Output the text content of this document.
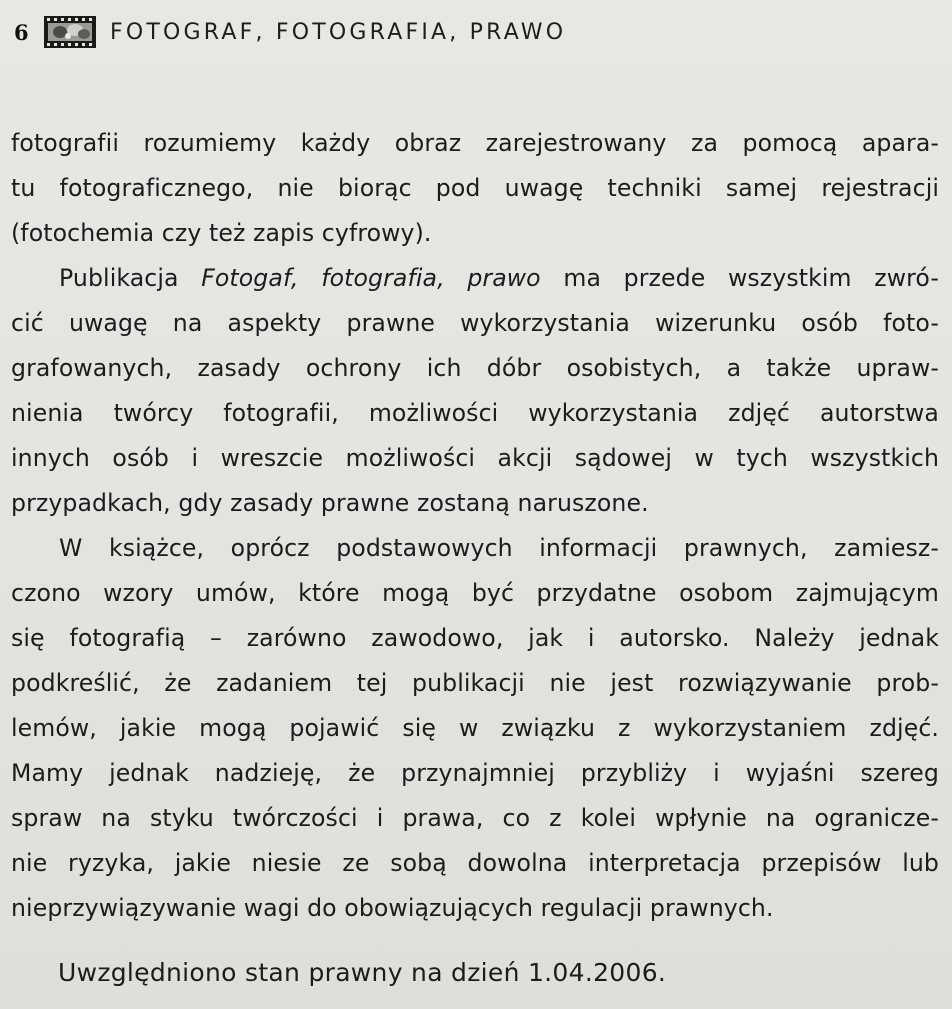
6	FOTOGRAF, FOTOGRAFIA, PRAWO
fotografii rozumiemy każdy obraz zarejestrowany za pomocą apara-
tu fotograficznego, nie biorąc pod uwagę techniki samej rejestracji
(fotochemia czy też zapis cyfrowy).
Publikacja Fotogaf, fotografia, prawo ma przede wszystkim zwró-
cić uwagę na aspekty prawne wykorzystania wizerunku osób foto-
grafowanych, zasady ochrony ich dóbr osobistych, a także upraw-
nienia twórcy fotografii, możliwości wykorzystania zdjęć autorstwa
innych osób i wreszcie możliwości akcji sądowej w tych wszystkich
przypadkach, gdy zasady prawne zostaną naruszone.
W książce, oprócz podstawowych informacji prawnych, zamiesz-
czono wzory umów, które mogą być przydatne osobom zajmującym
się fotografią – zarówno zawodowo, jak i autorsko. Należy jednak
podkreślić, że zadaniem tej publikacji nie jest rozwiązywanie prob-
lemów, jakie mogą pojawić się w związku z wykorzystaniem zdjęć.
Mamy jednak nadzieję, że przynajmniej przybliży i wyjaśni szereg
spraw na styku twórczości i prawa, co z kolei wpłynie na ogranicze-
nie ryzyka, jakie niesie ze sobą dowolna interpretacja przepisów lub
nieprzywiązywanie wagi do obowiązujących regulacji prawnych.
Uwzględniono stan prawny na dzień 1.04.2006.
